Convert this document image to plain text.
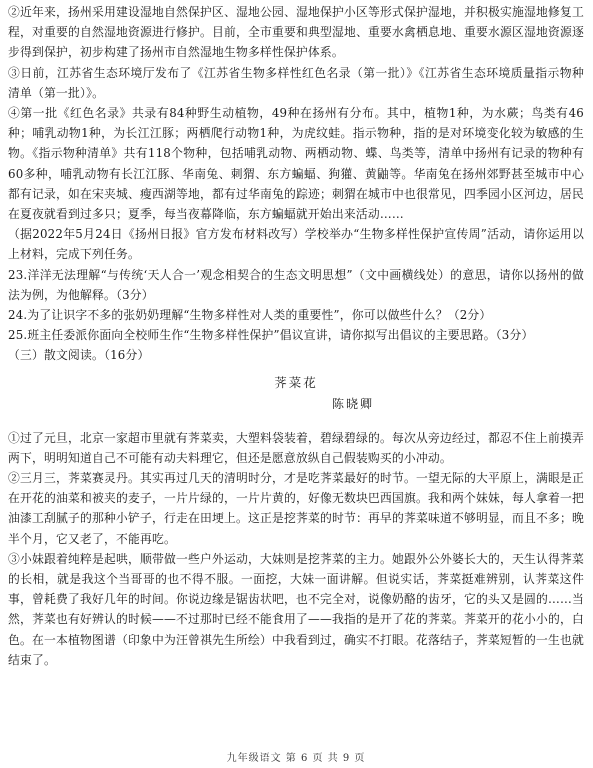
②近年来，扬州采用建设湿地自然保护区、湿地公园、湿地保护小区等形式保护湿地，并积极实施湿地修复工程，对重要的自然湿地资源进行修护。目前，全市重要和典型湿地、重要水禽栖息地、重要水源区湿地资源逐步得到保护，初步构建了扬州市自然湿地生物多样性保护体系。

③日前，江苏省生态环境厅发布了《江苏省生物多样性红色名录（第一批）》《江苏省生态环境质量指示物种清单（第一批）》。

④第一批《红色名录》共录有84种野生动植物，49种在扬州有分布。其中，植物1种，为水蕨；鸟类有46种；哺乳动物1种，为长江江豚；两栖爬行动物1种，为虎纹蛙。指示物种，指的是对环境变化较为敏感的生物。《指示物种清单》共有118个物种，包括哺乳动物、两栖动物、蝶、鸟类等，清单中扬州有记录的物种有60多种，哺乳动物有长江江豚、华南兔、刺猬、东方蝙蝠、狗獾、黄鼬等。华南兔在扬州郊野甚至城市中心都有记录，如在宋夹城、瘦西湖等地，都有过华南兔的踪迹；刺猬在城市中也很常见，四季园小区河边，居民在夏夜就看到过多只；夏季，每当夜幕降临，东方蝙蝠就开始出来活动……

（据2022年5月24日《扬州日报》官方发布材料改写）学校举办“生物多样性保护宣传周”活动，请你运用以上材料，完成下列任务。

23.洋洋无法理解“与传统‘天人合一’观念相契合的生态文明思想”（文中画横线处）的意思，请你以扬州的做法为例，为他解释。（3分）

24.为了让识字不多的张奶奶理解“生物多样性对人类的重要性”，你可以做些什么？（2分）

25.班主任委派你面向全校师生作“生物多样性保护”倡议宣讲，请你拟写出倡议的主要思路。（3分）

（三）散文阅读。（16分）

荠菜花
陈晓卿

①过了元旦，北京一家超市里就有荠菜卖，大塑料袋装着，碧绿碧绿的。每次从旁边经过，都忍不住上前摸弄两下，明明知道自己不可能有动夫料理它，但还是愿意放纵自己假装购买的小冲动。

②三月三，荠菜赛灵丹。其实再过几天的清明时分，才是吃荠菜最好的时节。一望无际的大平原上，满眼是正在开花的油菜和被夹的麦子，一片片绿的，一片片黄的，好像无数块巴西国旗。我和两个妹妹，每人拿着一把油漆工刮腻子的那种小铲子，行走在田埂上。这正是挖荠菜的时节：再早的荠菜味道不够明显，而且不多；晚半个月，它又老了，不能再吃。

③小妹跟着纯粹是起哄，顺带做一些户外运动，大妹则是挖荠菜的主力。她跟外公外婆长大的，天生认得荠菜的长相，就是我这个当哥哥的也不得不服。一面挖，大妹一面讲解。但说实话，荠菜挺难辨别，认荠菜这件事，曾耗费了我好几年的时间。你说边缘是锯齿状吧，也不完全对，说像奶酪的齿牙，它的头又是圆的……当然，荠菜也有好辨认的时候——不过那时已经不能食用了——我指的是开了花的荠菜。荠菜开的花小小的，白色。在一本植物图谱（印象中为汪曾祺先生所绘）中我看到过，确实不打眼。花落结子，荠菜短暂的一生也就结束了。

九年级语文 第 6 页 共 9 页
